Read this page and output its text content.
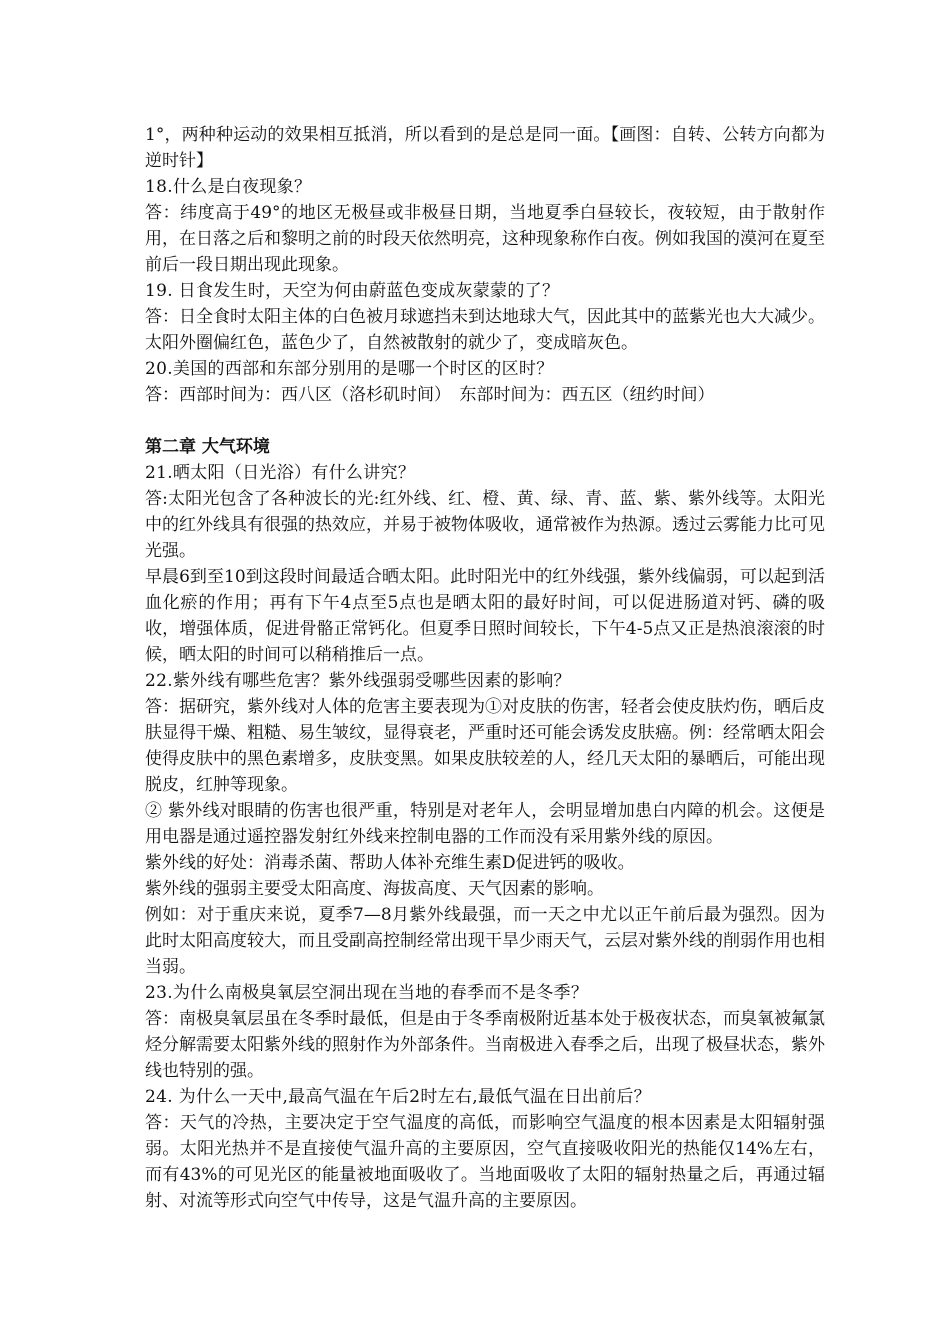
1°，两种种运动的效果相互抵消，所以看到的是总是同一面。【画图：自转、公转方向都为逆时针】

18.什么是白夜现象？

答：纬度高于49°的地区无极昼或非极昼日期，当地夏季白昼较长，夜较短，由于散射作用，在日落之后和黎明之前的时段天依然明亮，这种现象称作白夜。例如我国的漠河在夏至前后一段日期出现此现象。

19. 日食发生时，天空为何由蔚蓝色变成灰蒙蒙的了？

答：日全食时太阳主体的白色被月球遮挡未到达地球大气，因此其中的蓝紫光也大大减少。太阳外圈偏红色，蓝色少了，自然被散射的就少了，变成暗灰色。

20.美国的西部和东部分别用的是哪一个时区的区时？

答：西部时间为：西八区（洛杉矶时间）　东部时间为：西五区（纽约时间）

第二章 大气环境

21.晒太阳（日光浴）有什么讲究？

答:太阳光包含了各种波长的光:红外线、红、橙、黄、绿、青、蓝、紫、紫外线等。太阳光中的红外线具有很强的热效应，并易于被物体吸收，通常被作为热源。透过云雾能力比可见光强。

早晨6到至10到这段时间最适合晒太阳。此时阳光中的红外线强，紫外线偏弱，可以起到活血化瘀的作用；再有下午4点至5点也是晒太阳的最好时间，可以促进肠道对钙、磷的吸收，增强体质，促进骨骼正常钙化。但夏季日照时间较长，下午4-5点又正是热浪滚滚的时候，晒太阳的时间可以稍稍推后一点。

22.紫外线有哪些危害？紫外线强弱受哪些因素的影响？

答：据研究，紫外线对人体的危害主要表现为①对皮肤的伤害，轻者会使皮肤灼伤，晒后皮肤显得干燥、粗糙、易生皱纹，显得衰老，严重时还可能会诱发皮肤癌。例：经常晒太阳会使得皮肤中的黑色素增多，皮肤变黑。如果皮肤较差的人，经几天太阳的暴晒后，可能出现脱皮，红肿等现象。

② 紫外线对眼睛的伤害也很严重，特别是对老年人，会明显增加患白内障的机会。这便是用电器是通过遥控器发射红外线来控制电器的工作而没有采用紫外线的原因。

紫外线的好处：消毒杀菌、帮助人体补充维生素D促进钙的吸收。

紫外线的强弱主要受太阳高度、海拔高度、天气因素的影响。

例如：对于重庆来说，夏季7—8月紫外线最强，而一天之中尤以正午前后最为强烈。因为此时太阳高度较大，而且受副高控制经常出现干旱少雨天气，云层对紫外线的削弱作用也相当弱。

23.为什么南极臭氧层空洞出现在当地的春季而不是冬季？

答：南极臭氧层虽在冬季时最低，但是由于冬季南极附近基本处于极夜状态，而臭氧被氟氯烃分解需要太阳紫外线的照射作为外部条件。当南极进入春季之后，出现了极昼状态，紫外线也特别的强。

24. 为什么一天中,最高气温在午后2时左右,最低气温在日出前后？

答：天气的冷热，主要决定于空气温度的高低，而影响空气温度的根本因素是太阳辐射强弱。太阳光热并不是直接使气温升高的主要原因，空气直接吸收阳光的热能仅14%左右，而有43%的可见光区的能量被地面吸收了。当地面吸收了太阳的辐射热量之后，再通过辐射、对流等形式向空气中传导，这是气温升高的主要原因。
